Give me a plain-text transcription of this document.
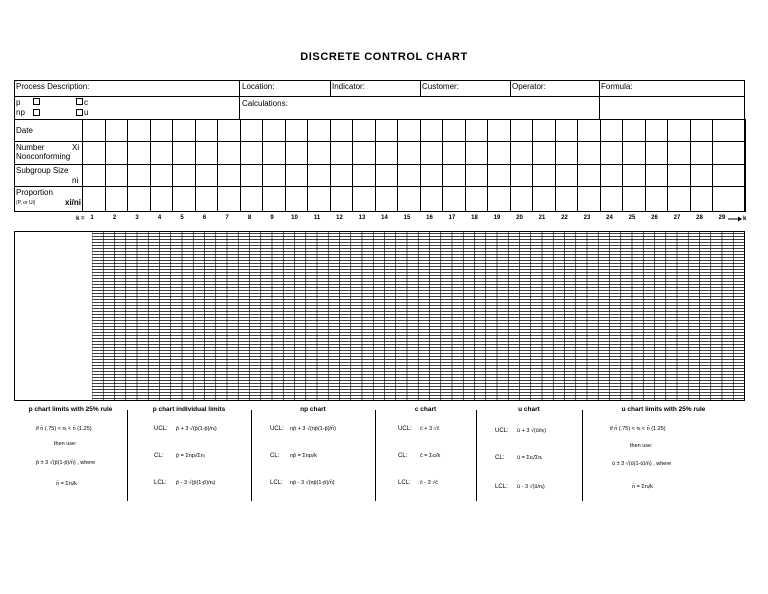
DISCRETE CONTROL CHART
Process Description:	Location:	Indicator:	Customer:	Operator:	Formula:
Calculations:
p
np
c
u
Date
Number
Nonconforming
Xi
Subgroup Size
ni
Proportion
(P, or Ui)	xi/ni
k = 1	2	3	4	5	6	7	8	9	10	11	12	13	14	15	16	17	18	19	20	21	22	23	24	25	26	27	28	29	k
p chart limits with 25% rule
if n̄ (.75) < nᵢ < n̄ (1.25)
then use:
p̄ ± 3 √(p̄(1-p̄)/n̄) , where
n̄ = Σnᵢ/k
p chart individual limits
UCL: p̄ + 3 √(p̄(1-p̄)/nᵢ)
CL: p̄ = Σnpᵢ/Σnᵢ
LCL: p̄ - 3 √(p̄(1-p̄)/nᵢ)
np chart
UCL: np̄ + 3 √(np̄(1-p̄)/n̄)
CL: np̄ = Σnpᵢ/k
LCL: np̄ - 3 √(np̄(1-p̄)/n̄)
c chart
UCL: c̄ + 3 √c̄
CL: c̄ = Σcᵢ/k
LCL: c̄ - 3 √c̄
u chart
UCL: ū + 3 √(ū/nᵢ)
CL: ū = Σcᵢ/Σnᵢ
LCL: ū - 3 √(ū/nᵢ)
u chart limits with 25% rule
if n̄ (.75) < nᵢ < n̄ (1.25)
then use:
ū ± 3 √(ū(1-ū)/n̄) , where
n̄ = Σnᵢ/k
